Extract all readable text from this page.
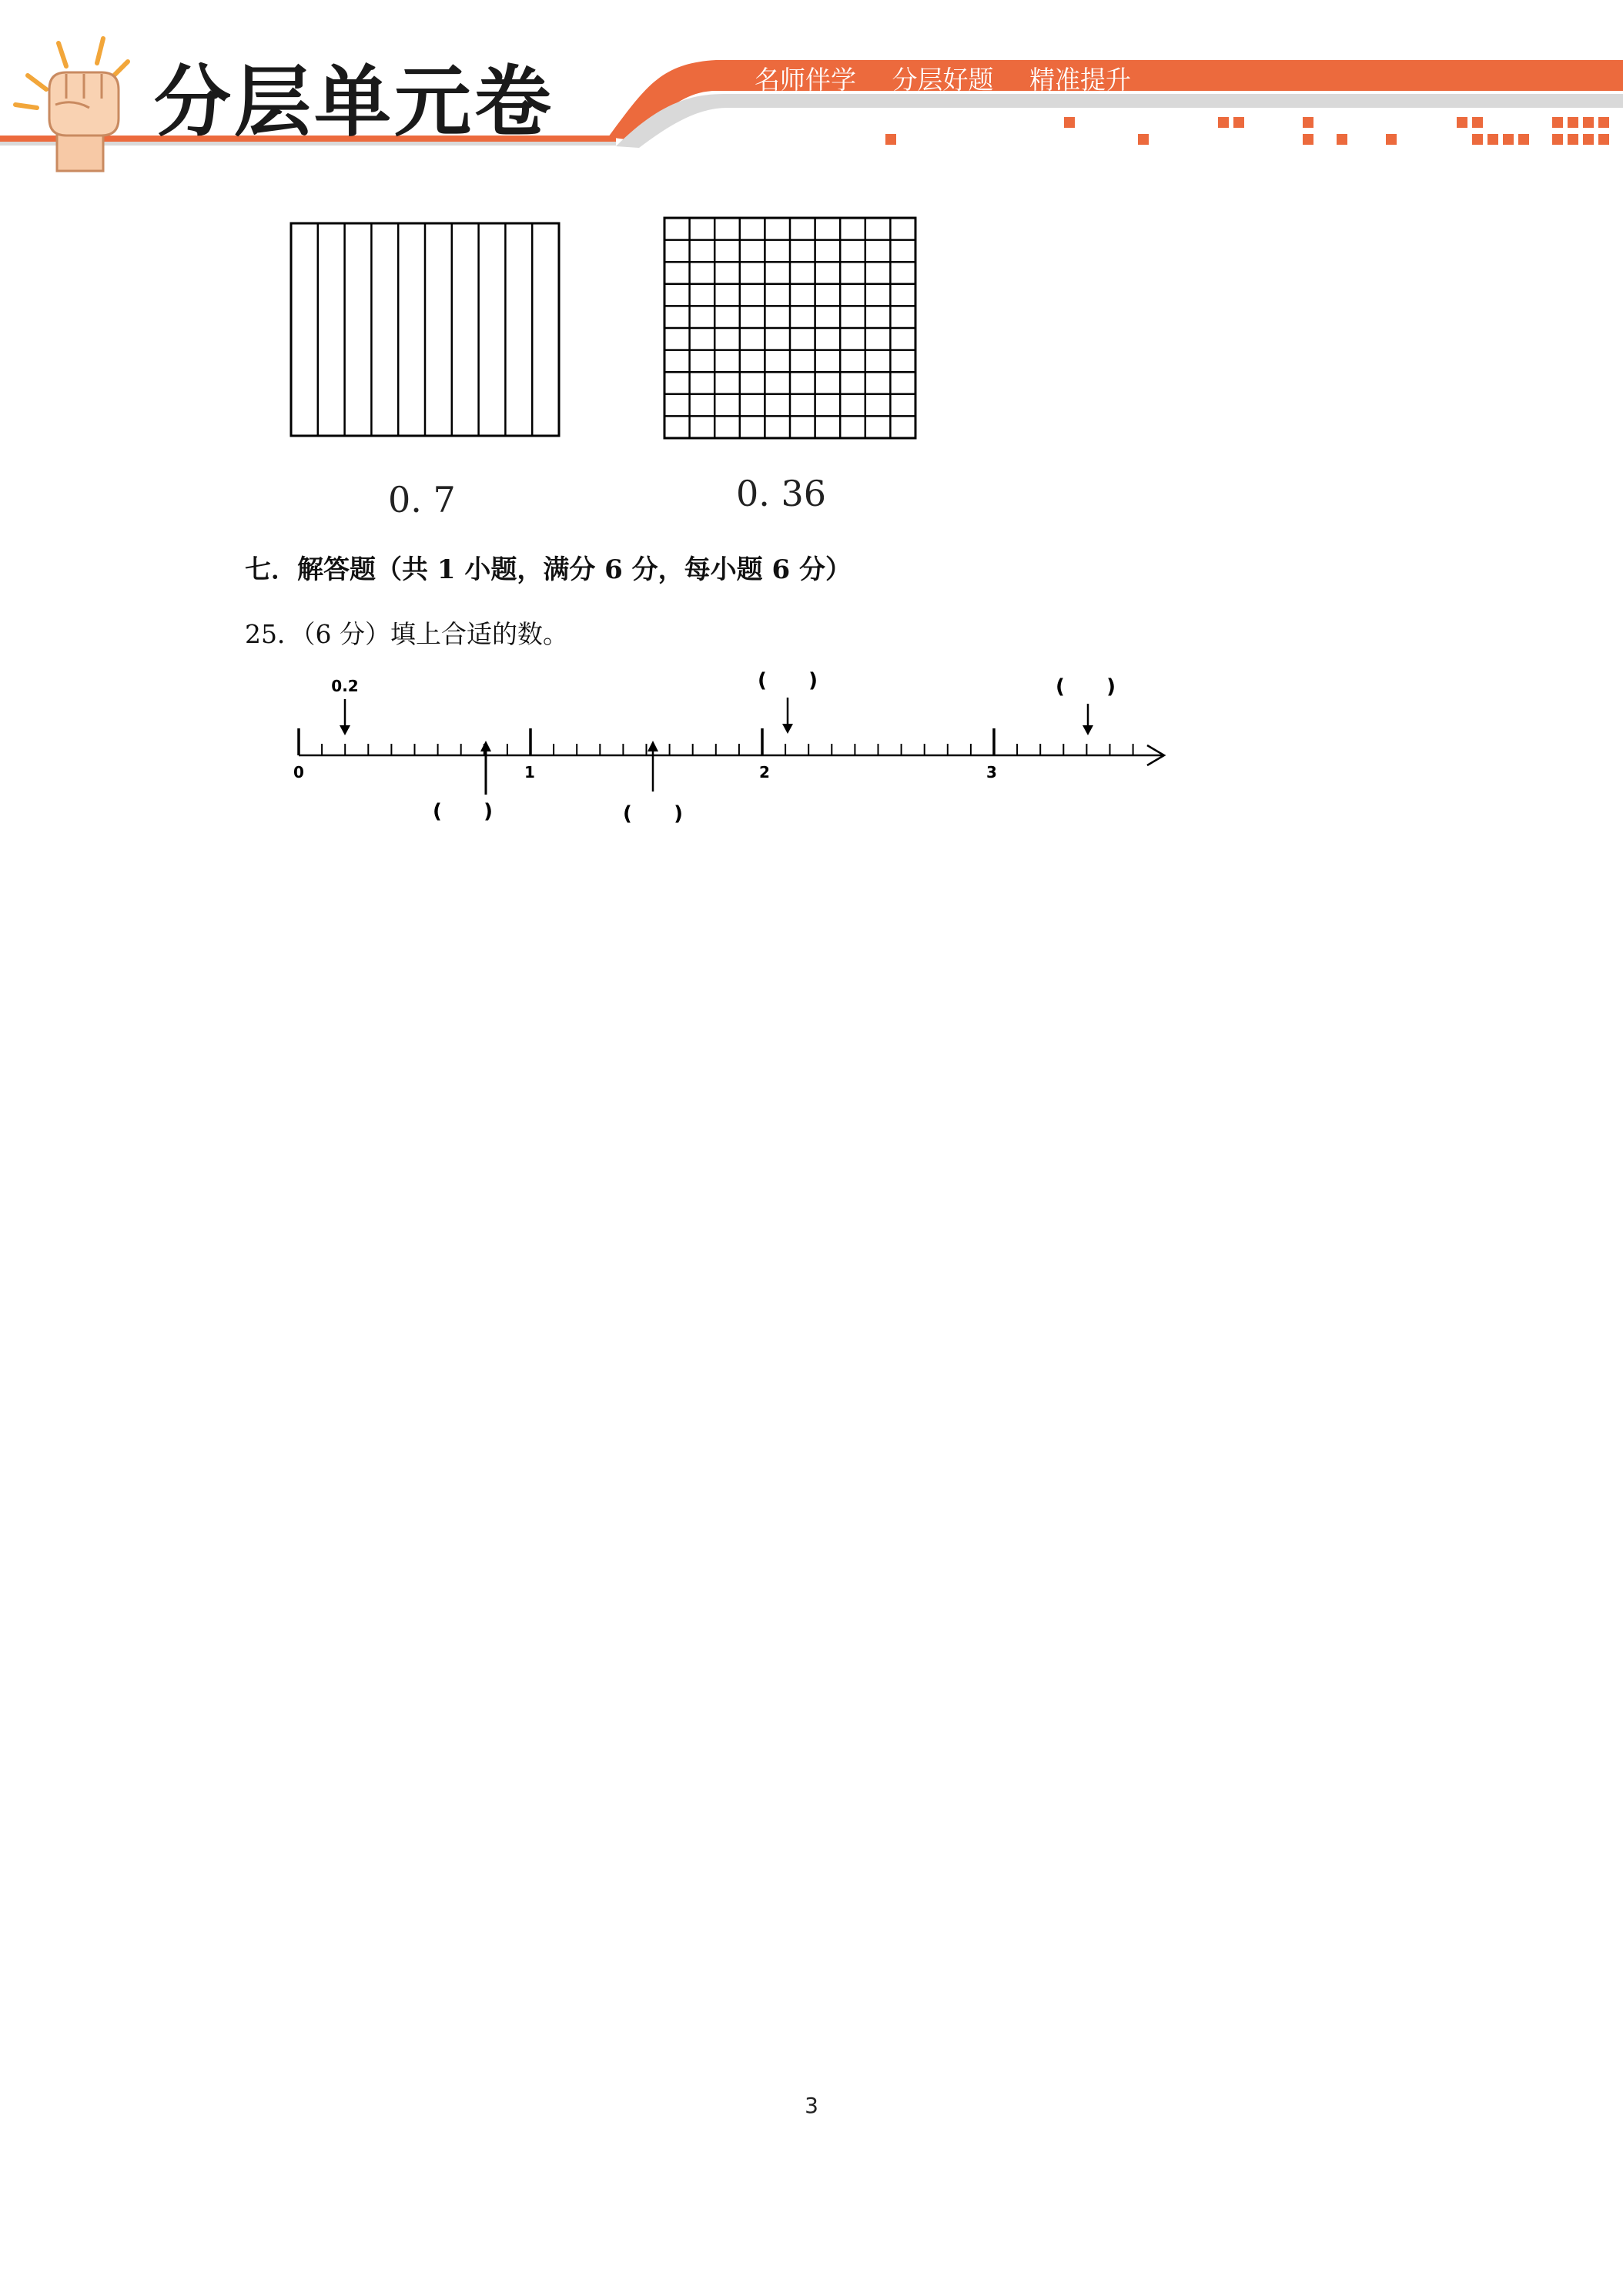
分层单元卷	名师伴学 分层好题 精准提升
0. 7	0. 36
七．解答题（共 1 小题，满分 6 分，每小题 6 分）
25．（6 分）填上合适的数。
0	1	2	3
0.2	(      )	(      )
(      )	(      )
3
